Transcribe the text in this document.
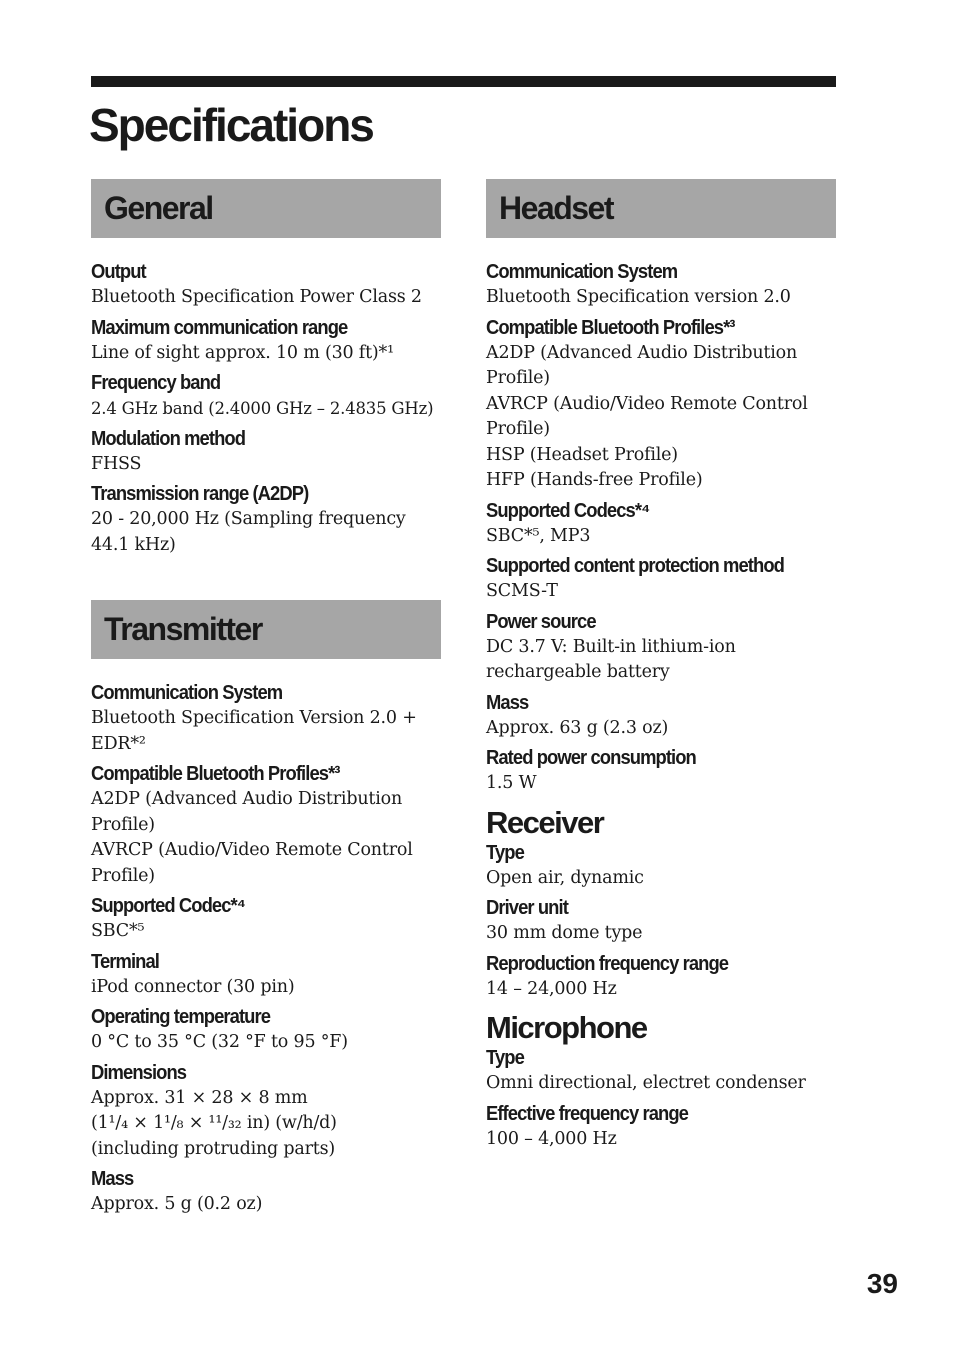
Specifications
General
Output
Bluetooth Specification Power Class 2
Maximum communication range
Line of sight approx. 10 m (30 ft)*¹
Frequency band
2.4 GHz band (2.4000 GHz – 2.4835 GHz)
Modulation method
FHSS
Transmission range (A2DP)
20 - 20,000 Hz (Sampling frequency
44.1 kHz)
Transmitter
Communication System
Bluetooth Specification Version 2.0 +
EDR*²
Compatible Bluetooth Profiles*³
A2DP (Advanced Audio Distribution
Profile)
AVRCP (Audio/Video Remote Control
Profile)
Supported Codec*⁴
SBC*⁵
Terminal
iPod connector (30 pin)
Operating temperature
0 °C to 35 °C (32 °F to 95 °F)
Dimensions
Approx. 31 × 28 × 8 mm
(1¹/₄ × 1¹/₈ × ¹¹/₃₂ in) (w/h/d)
(including protruding parts)
Mass
Approx. 5 g (0.2 oz)
Headset
Communication System
Bluetooth Specification version 2.0
Compatible Bluetooth Profiles*³
A2DP (Advanced Audio Distribution
Profile)
AVRCP (Audio/Video Remote Control
Profile)
HSP (Headset Profile)
HFP (Hands-free Profile)
Supported Codecs*⁴
SBC*⁵, MP3
Supported content protection method
SCMS-T
Power source
DC 3.7 V: Built-in lithium-ion
rechargeable battery
Mass
Approx. 63 g (2.3 oz)
Rated power consumption
1.5 W
Receiver
Type
Open air, dynamic
Driver unit
30 mm dome type
Reproduction frequency range
14 – 24,000 Hz
Microphone
Type
Omni directional, electret condenser
Effective frequency range
100 – 4,000 Hz
39
